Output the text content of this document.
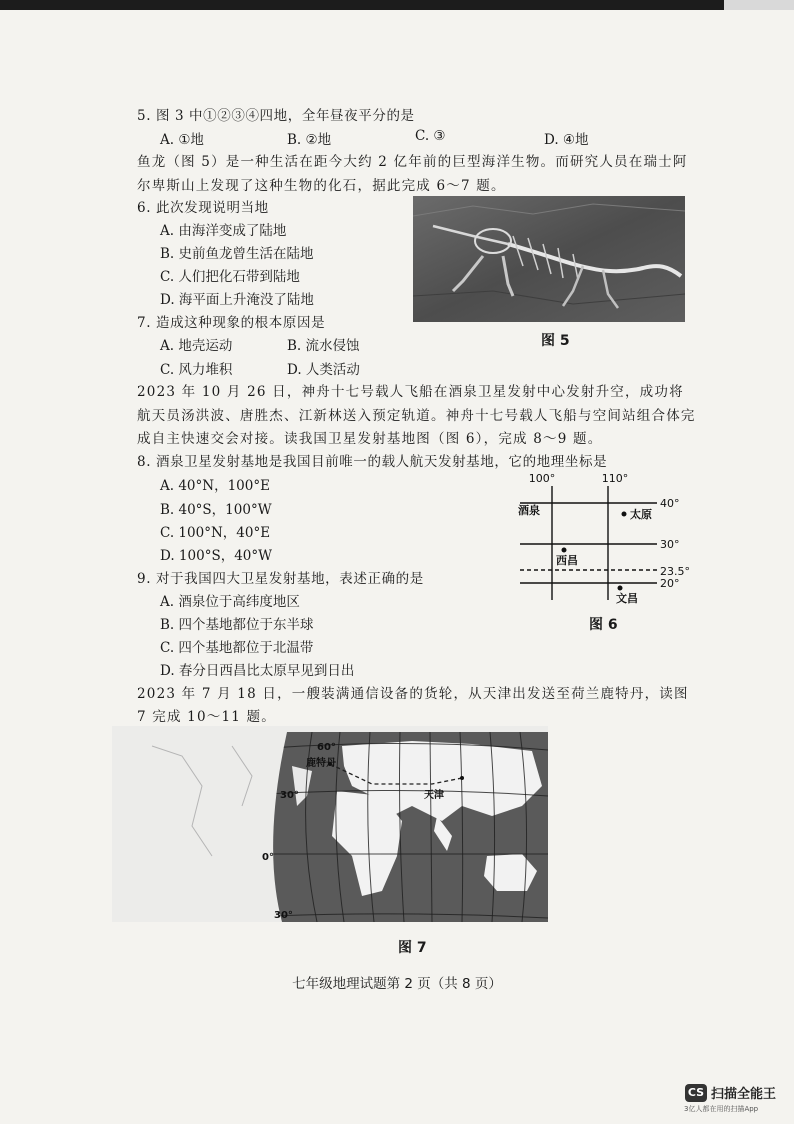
5. 图 3 中①②③④四地，全年昼夜平分的是
A. ①地	B. ②地	C. ③	D. ④地
鱼龙（图 5）是一种生活在距今大约 2 亿年前的巨型海洋生物。而研究人员在瑞士阿尔卑斯山上发现了这种生物的化石，据此完成 6～7 题。
6. 此次发现说明当地
A. 由海洋变成了陆地
B. 史前鱼龙曾生活在陆地
C. 人们把化石带到陆地
D. 海平面上升淹没了陆地
图 5
7. 造成这种现象的根本原因是
A. 地壳运动	B. 流水侵蚀
C. 风力堆积	D. 人类活动
2023 年 10 月 26 日，神舟十七号载人飞船在酒泉卫星发射中心发射升空，成功将航天员汤洪波、唐胜杰、江新林送入预定轨道。神舟十七号载人飞船与空间站组合体完成自主快速交会对接。读我国卫星发射基地图（图 6），完成 8～9 题。
8. 酒泉卫星发射基地是我国目前唯一的载人航天发射基地，它的地理坐标是
A. 40°N，100°E
B. 40°S，100°W
C. 100°N，40°E
D. 100°S，40°W
9. 对于我国四大卫星发射基地，表述正确的是
A. 酒泉位于高纬度地区
B. 四个基地都位于东半球
C. 四个基地都位于北温带
D. 春分日西昌比太原早见到日出
100°	110°
40°
30°
23.5°
20°
酒泉	太原
西昌
文昌
图 6
2023 年 7 月 18 日，一艘装满通信设备的货轮，从天津出发送至荷兰鹿特丹，读图 7 完成 10～11 题。
60°
30°
0°
30°
鹿特丹
天津
图 7
七年级地理试题第 2 页（共 8 页）
CS 扫描全能王
3亿人都在用的扫描App
